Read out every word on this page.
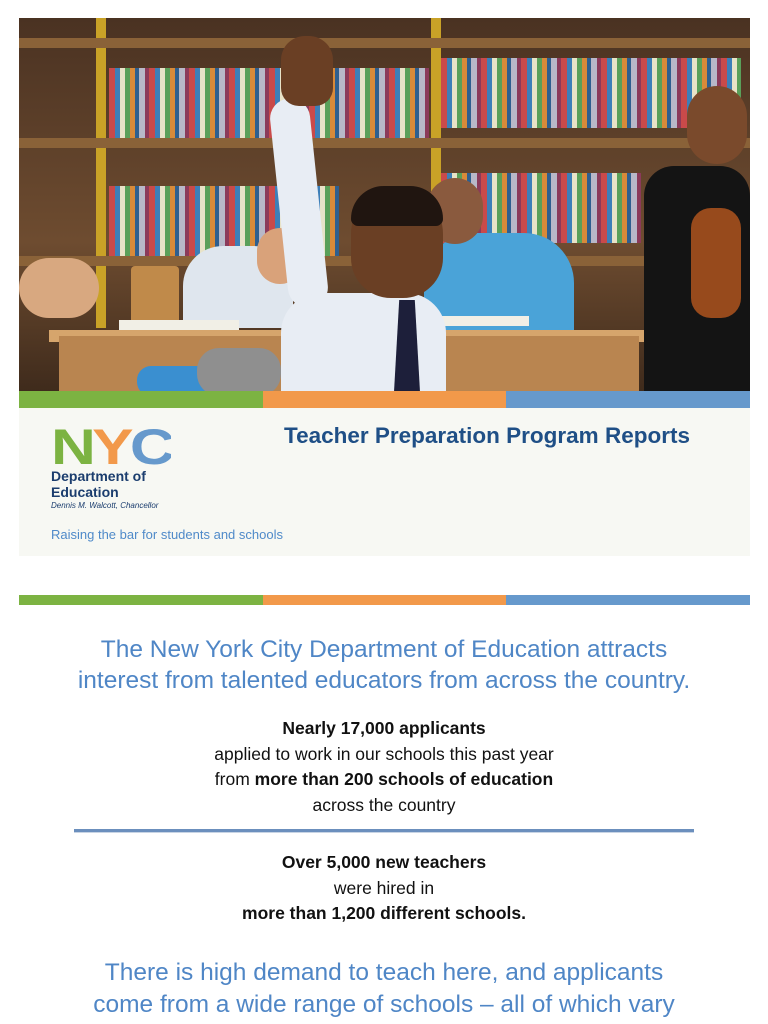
N Y C
Department of Education
Dennis M. Walcott, Chancellor
Raising the bar for students and schools
Teacher Preparation Program Reports

The New York City Department of Education attracts
interest from talented educators from across the country.

Nearly 17,000 applicants
applied to work in our schools this past year
from more than 200 schools of education
across the country
Over 5,000 new teachers
were hired in
more than 1,200 different schools.

There is high demand to teach here, and applicants
come from a wide range of schools – all of which vary
